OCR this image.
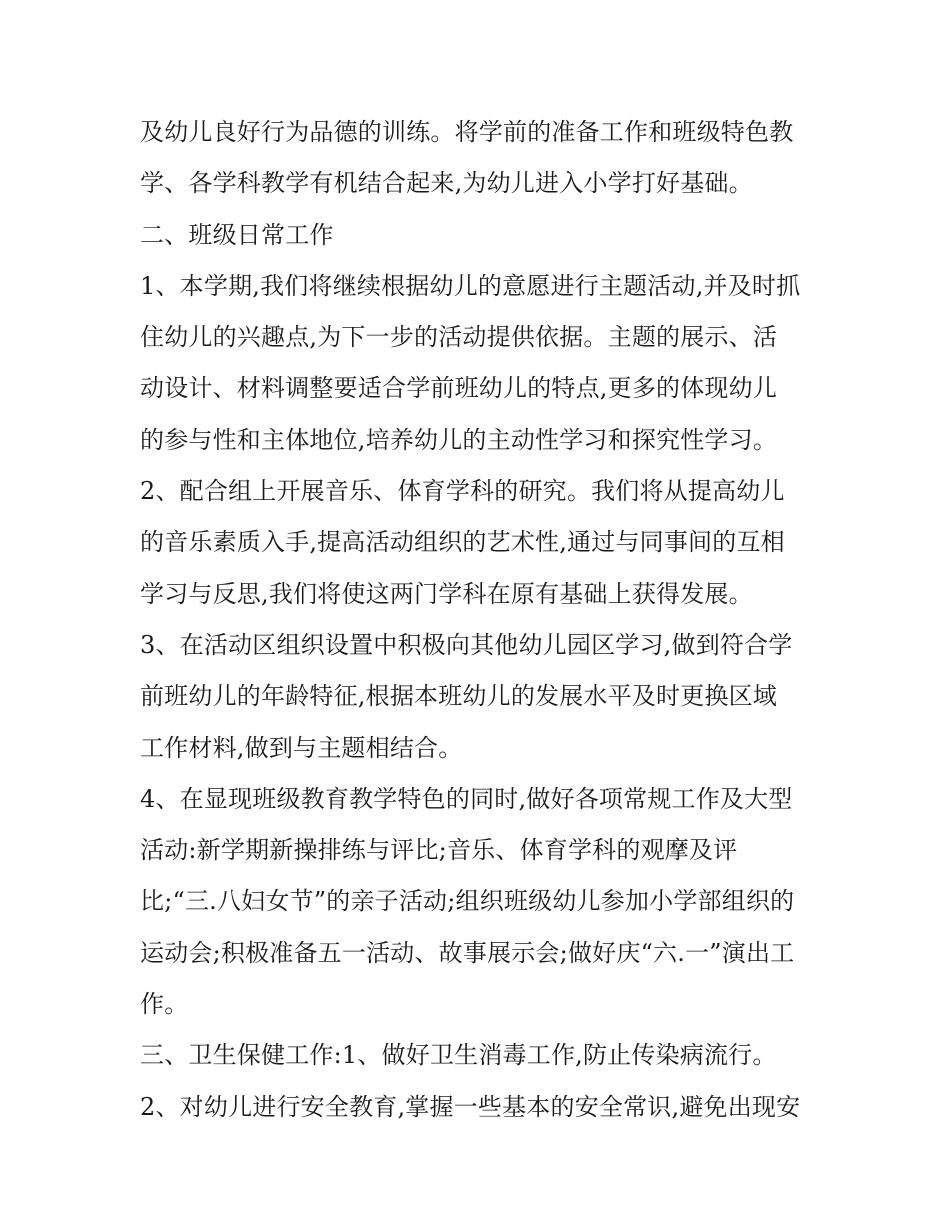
及幼儿良好行为品德的训练。将学前的准备工作和班级特色教
学、各学科教学有机结合起来,为幼儿进入小学打好基础。
二、班级日常工作
1、本学期,我们将继续根据幼儿的意愿进行主题活动,并及时抓
住幼儿的兴趣点,为下一步的活动提供依据。主题的展示、活
动设计、材料调整要适合学前班幼儿的特点,更多的体现幼儿
的参与性和主体地位,培养幼儿的主动性学习和探究性学习。
2、配合组上开展音乐、体育学科的研究。我们将从提高幼儿
的音乐素质入手,提高活动组织的艺术性,通过与同事间的互相
学习与反思,我们将使这两门学科在原有基础上获得发展。
3、在活动区组织设置中积极向其他幼儿园区学习,做到符合学
前班幼儿的年龄特征,根据本班幼儿的发展水平及时更换区域
工作材料,做到与主题相结合。
4、在显现班级教育教学特色的同时,做好各项常规工作及大型
活动:新学期新操排练与评比;音乐、体育学科的观摩及评
比;“三.八妇女节”的亲子活动;组织班级幼儿参加小学部组织的
运动会;积极准备五一活动、故事展示会;做好庆“六.一”演出工
作。
三、卫生保健工作:1、做好卫生消毒工作,防止传染病流行。
2、对幼儿进行安全教育,掌握一些基本的安全常识,避免出现安
